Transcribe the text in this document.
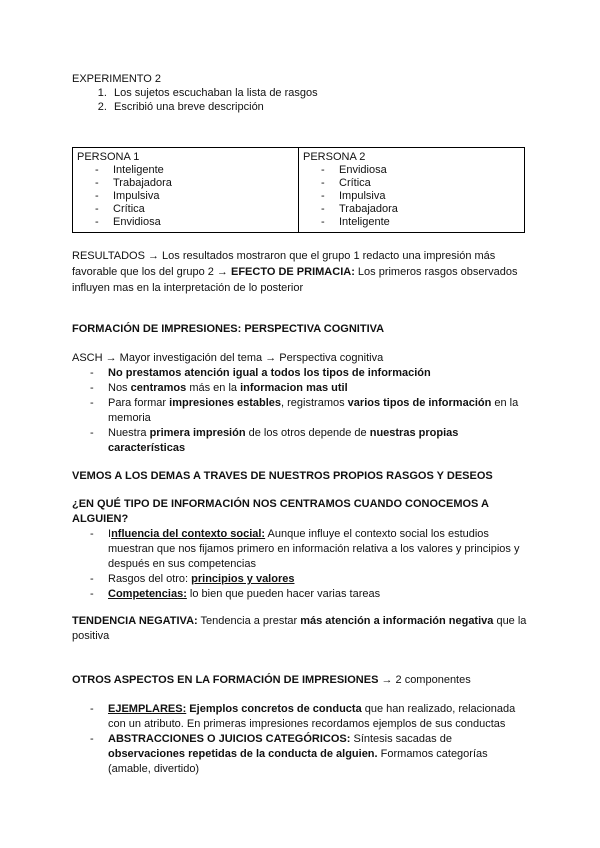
EXPERIMENTO 2

1. Los sujetos escuchaban la lista de rasgos
2. Escribió una breve descripción

PERSONA 1

- Inteligente
- Trabajadora
- Impulsiva
- Crítica
- Envidiosa

PERSONA 2

- Envidiosa
- Crítica
- Impulsiva
- Trabajadora
- Inteligente
RESULTADOS → Los resultados mostraron que el grupo 1 redacto una impresión más favorable que los del grupo 2 → EFECTO DE PRIMACIA: Los primeros rasgos observados influyen mas en la interpretación de lo posterior

FORMACIÓN DE IMPRESIONES: PERSPECTIVA COGNITIVA

ASCH → Mayor investigación del tema → Perspectiva cognitiva

- No prestamos atención igual a todos los tipos de información
- Nos centramos más en la informacion mas util
- Para formar impresiones estables, registramos varios tipos de información en la memoria
- Nuestra primera impresión de los otros depende de nuestras propias características

VEMOS A LOS DEMAS A TRAVES DE NUESTROS PROPIOS RASGOS Y DESEOS

¿EN QUÉ TIPO DE INFORMACIÓN NOS CENTRAMOS CUANDO CONOCEMOS A ALGUIEN?

- Influencia del contexto social: Aunque influye el contexto social los estudios muestran que nos fijamos primero en información relativa a los valores y principios y después en sus competencias
- Rasgos del otro: principios y valores
- Competencias: lo bien que pueden hacer varias tareas
TENDENCIA NEGATIVA: Tendencia a prestar más atención a información negativa que la positiva

OTROS ASPECTOS EN LA FORMACIÓN DE IMPRESIONES → 2 componentes

- EJEMPLARES: Ejemplos concretos de conducta que han realizado, relacionada con un atributo. En primeras impresiones recordamos ejemplos de sus conductas
- ABSTRACCIONES O JUICIOS CATEGÓRICOS: Síntesis sacadas de observaciones repetidas de la conducta de alguien. Formamos categorías (amable, divertido)
